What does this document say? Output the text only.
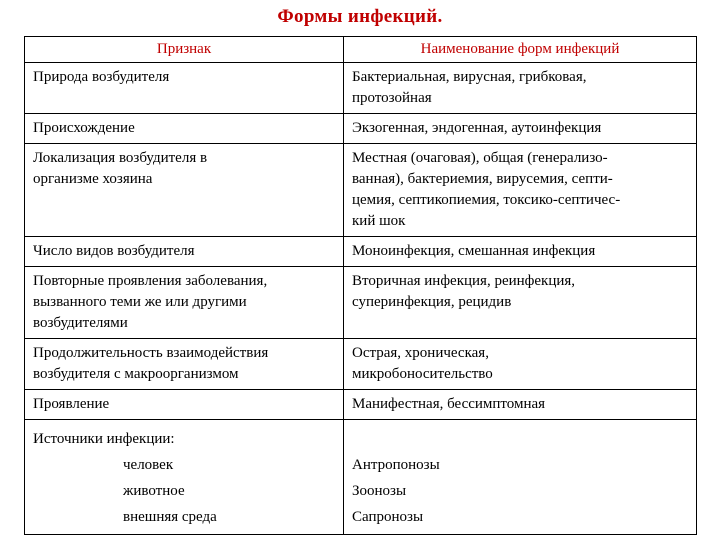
Формы инфекций.
Признак	Наименование форм инфекций

Природа возбудителя	Бактериальная, вирусная, грибковая,
протозойная

Происхождение	Экзогенная, эндогенная, аутоинфекция

Локализация возбудителя в
организме хозяина	Местная (очаговая), общая (генерализо-
ванная), бактериемия, вирусемия, септи-
цемия, септикопиемия, токсико-септичес-
кий шок

Число видов возбудителя	Моноинфекция, смешанная инфекция

Повторные проявления заболевания,
вызванного теми же или другими
возбудителями	Вторичная инфекция, реинфекция,
суперинфекция, рецидив

Продолжительность взаимодействия
возбудителя с макроорганизмом	Острая, хроническая,
микробоносительство

Проявление	Манифестная, бессимптомная

Источники инфекции:
человек
животное
внешняя среда	Антропонозы
Зоонозы
Сапронозы
